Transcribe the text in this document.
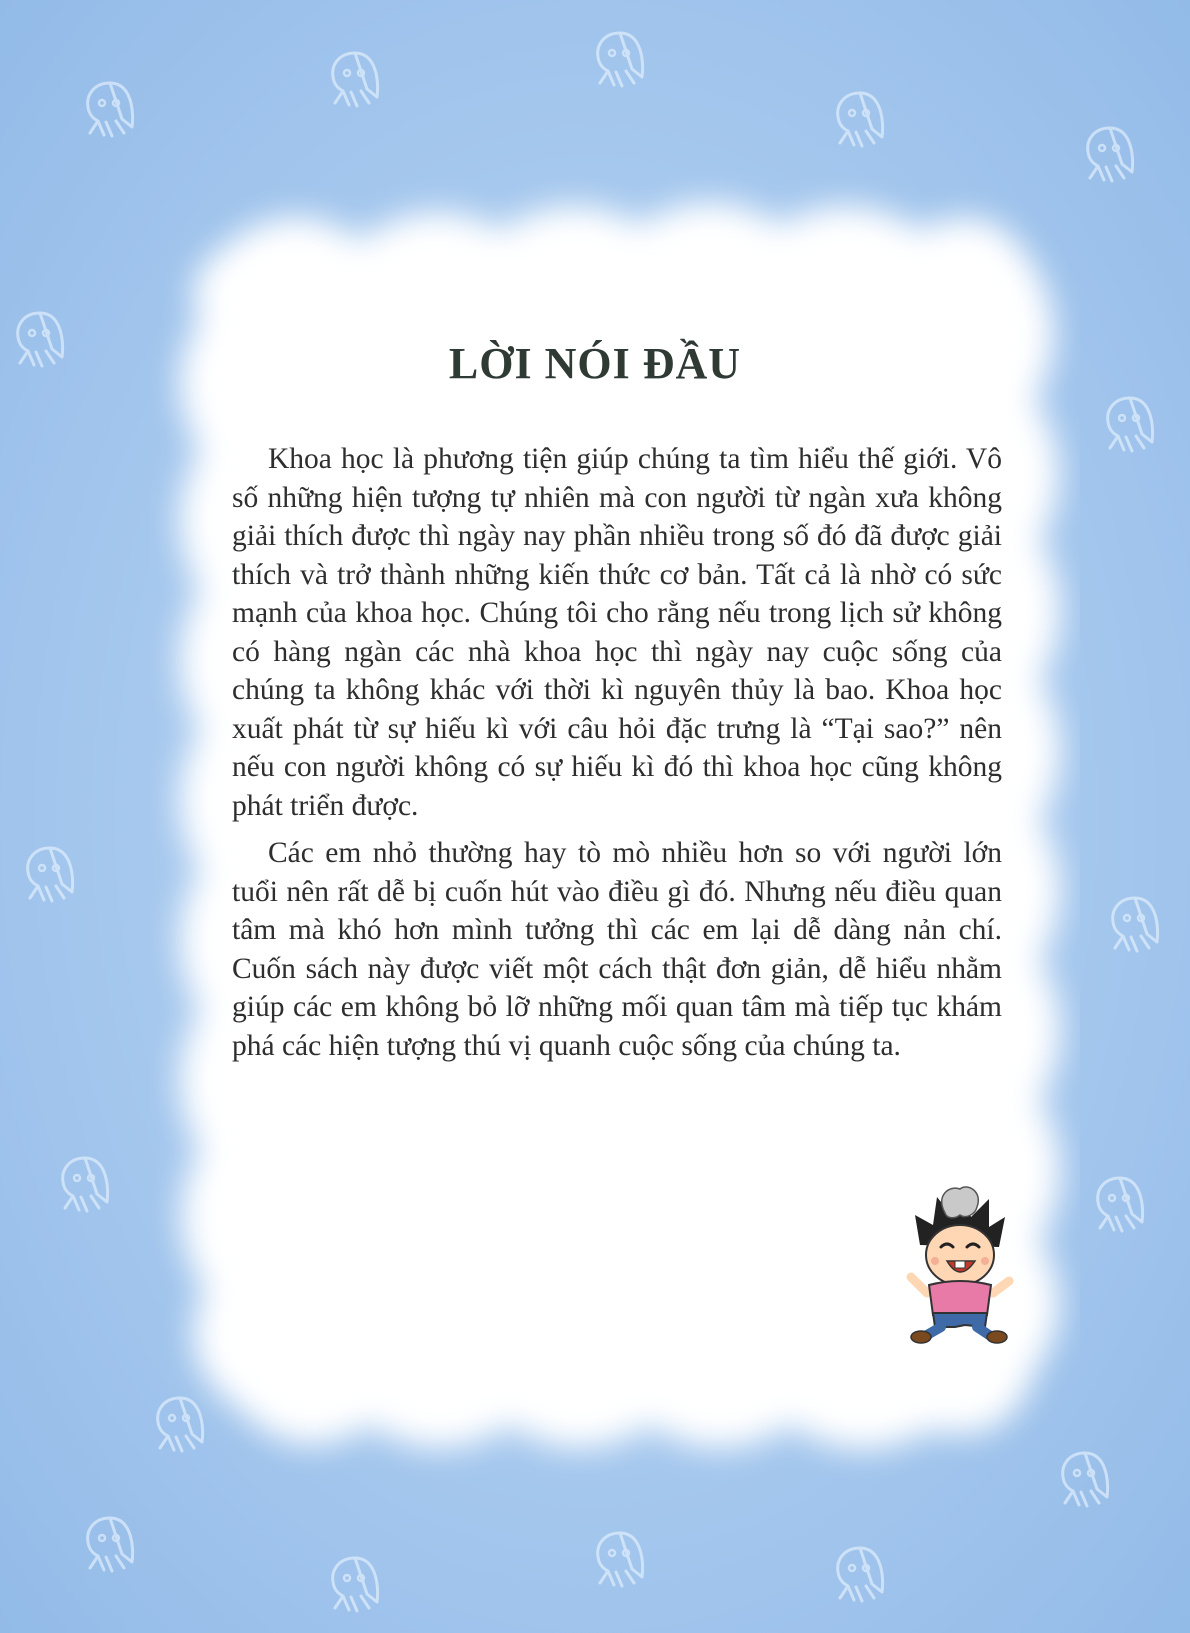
LỜI NÓI ĐẦU

Khoa học là phương tiện giúp chúng ta tìm hiểu thế giới. Vô số những hiện tượng tự nhiên mà con người từ ngàn xưa không giải thích được thì ngày nay phần nhiều trong số đó đã được giải thích và trở thành những kiến thức cơ bản. Tất cả là nhờ có sức mạnh của khoa học. Chúng tôi cho rằng nếu trong lịch sử không có hàng ngàn các nhà khoa học thì ngày nay cuộc sống của chúng ta không khác với thời kì nguyên thủy là bao. Khoa học xuất phát từ sự hiếu kì với câu hỏi đặc trưng là “Tại sao?” nên nếu con người không có sự hiếu kì đó thì khoa học cũng không phát triển được.

Các em nhỏ thường hay tò mò nhiều hơn so với người lớn tuổi nên rất dễ bị cuốn hút vào điều gì đó. Nhưng nếu điều quan tâm mà khó hơn mình tưởng thì các em lại dễ dàng nản chí. Cuốn sách này được viết một cách thật đơn giản, dễ hiểu nhằm giúp các em không bỏ lỡ những mối quan tâm mà tiếp tục khám phá các hiện tượng thú vị quanh cuộc sống của chúng ta.
